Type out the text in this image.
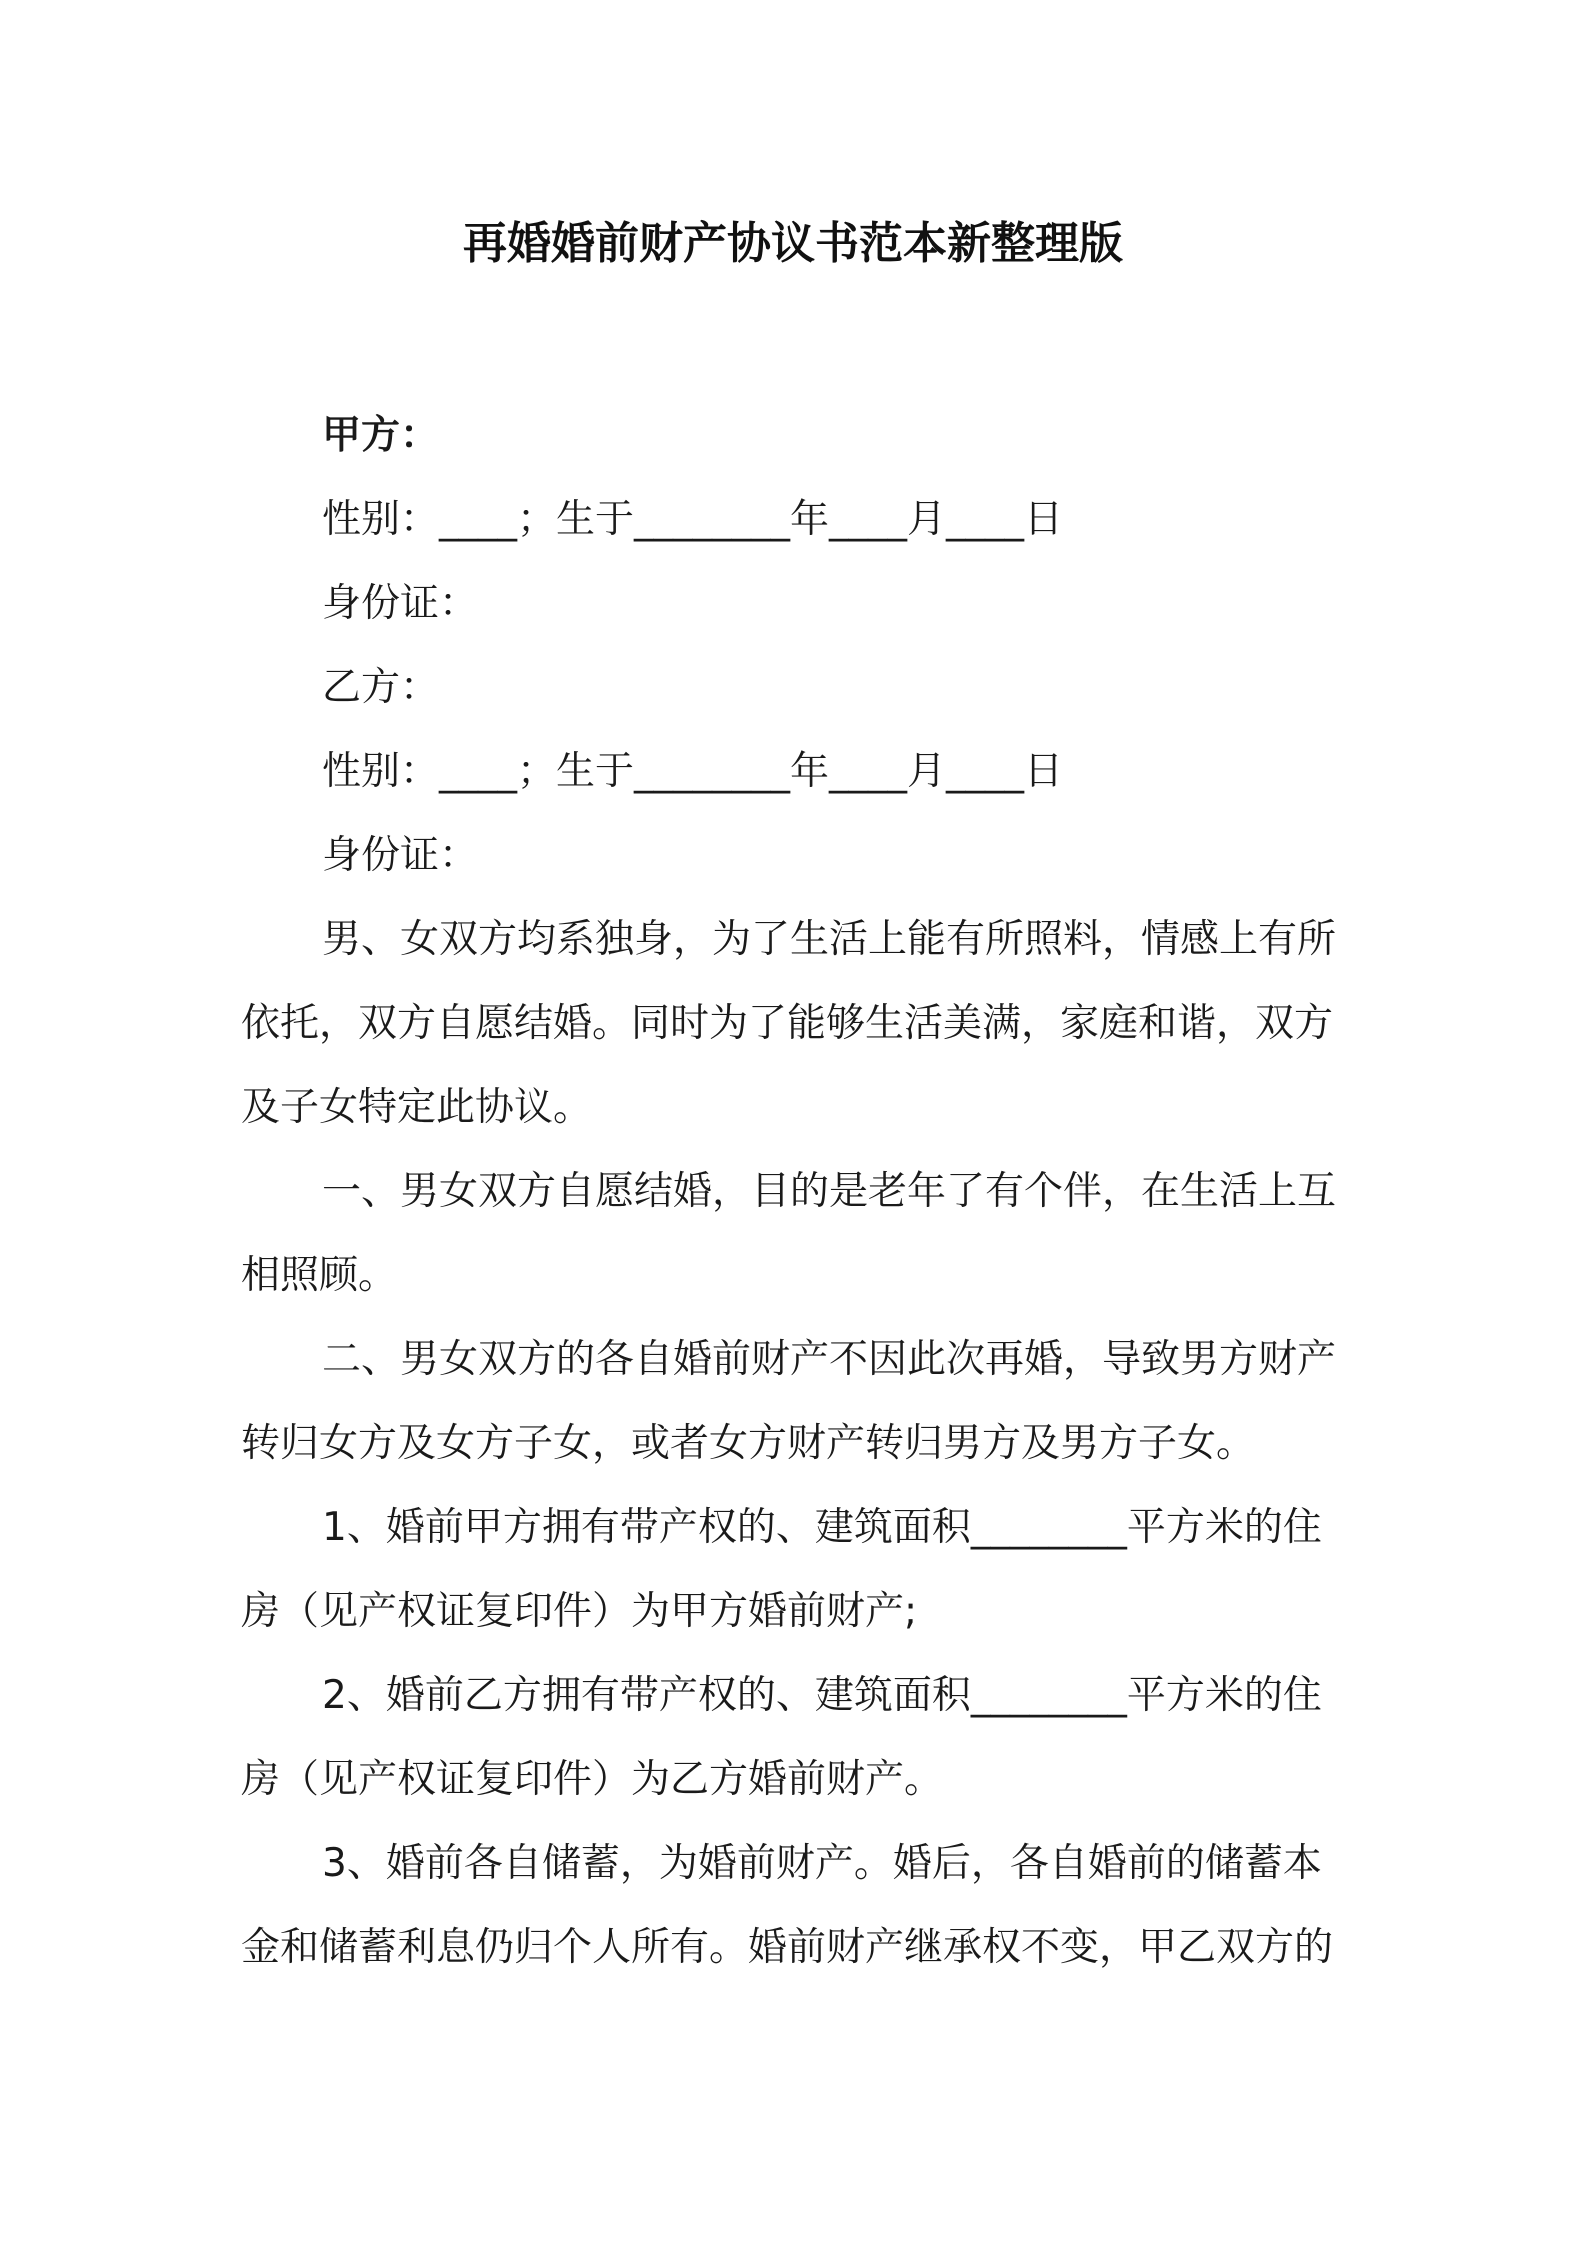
再婚婚前财产协议书范本新整理版
甲方：
性别：____；生于________年____月____日
身份证：
乙方：
性别：____；生于________年____月____日
身份证：
男、女双方均系独身，为了生活上能有所照料，情感上有所
依托，双方自愿结婚。同时为了能够生活美满，家庭和谐，双方
及子女特定此协议。
一、男女双方自愿结婚，目的是老年了有个伴，在生活上互
相照顾。
二、男女双方的各自婚前财产不因此次再婚，导致男方财产
转归女方及女方子女，或者女方财产转归男方及男方子女。
1、婚前甲方拥有带产权的、建筑面积________平方米的住
房（见产权证复印件）为甲方婚前财产;
2、婚前乙方拥有带产权的、建筑面积________平方米的住
房（见产权证复印件）为乙方婚前财产。
3、婚前各自储蓄，为婚前财产。婚后，各自婚前的储蓄本
金和储蓄利息仍归个人所有。婚前财产继承权不变，甲乙双方的
